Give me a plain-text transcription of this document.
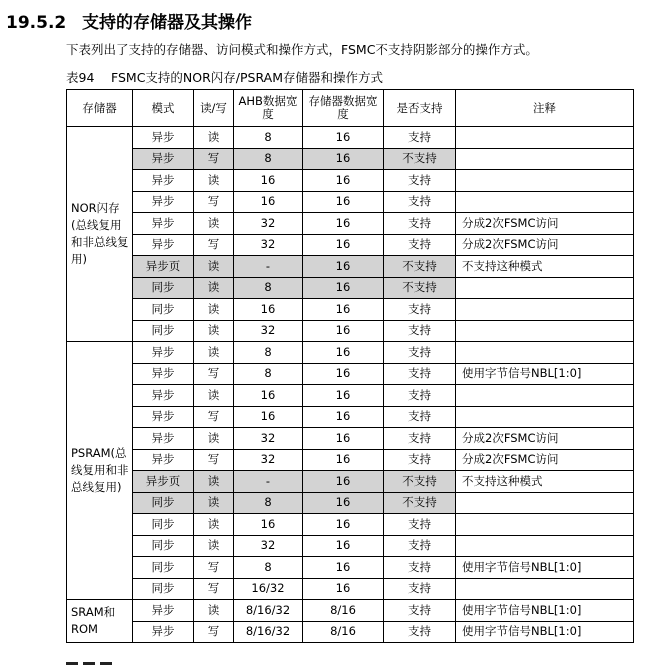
19.5.2 支持的存储器及其操作
下表列出了支持的存储器、访问模式和操作方式，FSMC不支持阴影部分的操作方式。
表94 FSMC支持的NOR闪存/PSRAM存储器和操作方式
存储器	模式	读/写	AHB数据宽度	存储器数据宽度	是否支持	注释
NOR闪存(总线复用和非总线复用)	异步	读	8	16	支持	
	异步	写	8	16	不支持	
	异步	读	16	16	支持	
	异步	写	16	16	支持	
	异步	读	32	16	支持	分成2次FSMC访问
	异步	写	32	16	支持	分成2次FSMC访问
	异步页	读	-	16	不支持	不支持这种模式
	同步	读	8	16	不支持	
	同步	读	16	16	支持	
	同步	读	32	16	支持	
PSRAM(总线复用和非总线复用)	异步	读	8	16	支持	
	异步	写	8	16	支持	使用字节信号NBL[1:0]
	异步	读	16	16	支持	
	异步	写	16	16	支持	
	异步	读	32	16	支持	分成2次FSMC访问
	异步	写	32	16	支持	分成2次FSMC访问
	异步页	读	-	16	不支持	不支持这种模式
	同步	读	8	16	不支持	
	同步	读	16	16	支持	
	同步	读	32	16	支持	
	同步	写	8	16	支持	使用字节信号NBL[1:0]
	同步	写	16/32	16	支持	
SRAM和ROM	异步	读	8/16/32	8/16	支持	使用字节信号NBL[1:0]
	异步	写	8/16/32	8/16	支持	使用字节信号NBL[1:0]
